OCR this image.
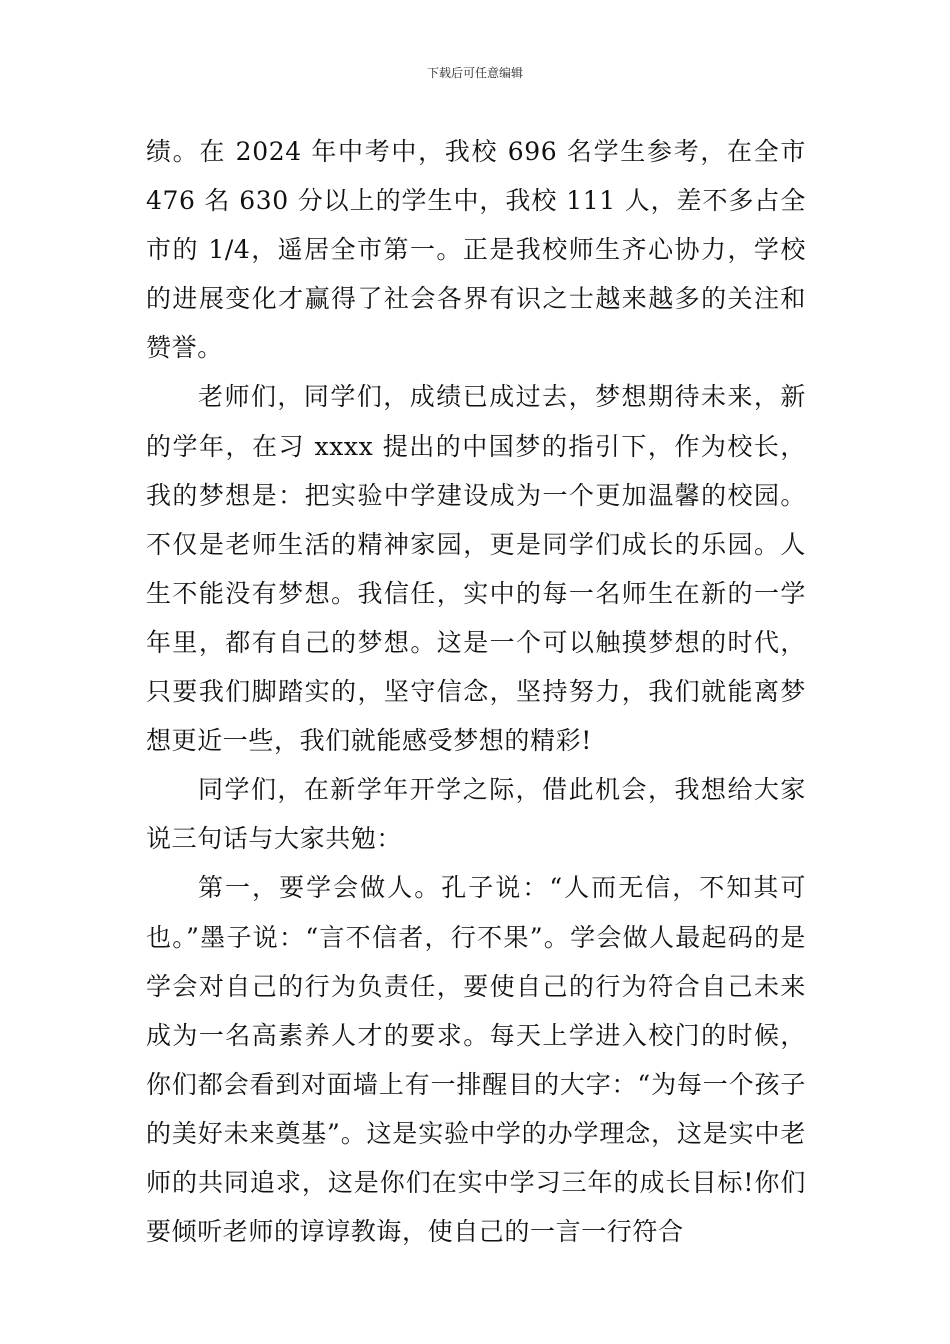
下载后可任意编辑

绩。在 2024 年中考中，我校 696 名学生参考，在全市 476 名 630 分以上的学生中，我校 111 人，差不多占全市的 1/4，遥居全市第一。正是我校师生齐心协力，学校的进展变化才赢得了社会各界有识之士越来越多的关注和赞誉。

老师们，同学们，成绩已成过去，梦想期待未来，新的学年，在习 xxxx 提出的中国梦的指引下，作为校长，我的梦想是：把实验中学建设成为一个更加温馨的校园。不仅是老师生活的精神家园，更是同学们成长的乐园。人生不能没有梦想。我信任，实中的每一名师生在新的一学年里，都有自己的梦想。这是一个可以触摸梦想的时代，只要我们脚踏实的，坚守信念，坚持努力，我们就能离梦想更近一些，我们就能感受梦想的精彩!

同学们，在新学年开学之际，借此机会，我想给大家说三句话与大家共勉：

第一，要学会做人。孔子说：“人而无信，不知其可也。”墨子说：“言不信者，行不果”。学会做人最起码的是学会对自己的行为负责任，要使自己的行为符合自己未来成为一名高素养人才的要求。每天上学进入校门的时候，你们都会看到对面墙上有一排醒目的大字：“为每一个孩子的美好未来奠基”。这是实验中学的办学理念，这是实中老师的共同追求，这是你们在实中学习三年的成长目标!你们要倾听老师的谆谆教诲，使自己的一言一行符合
